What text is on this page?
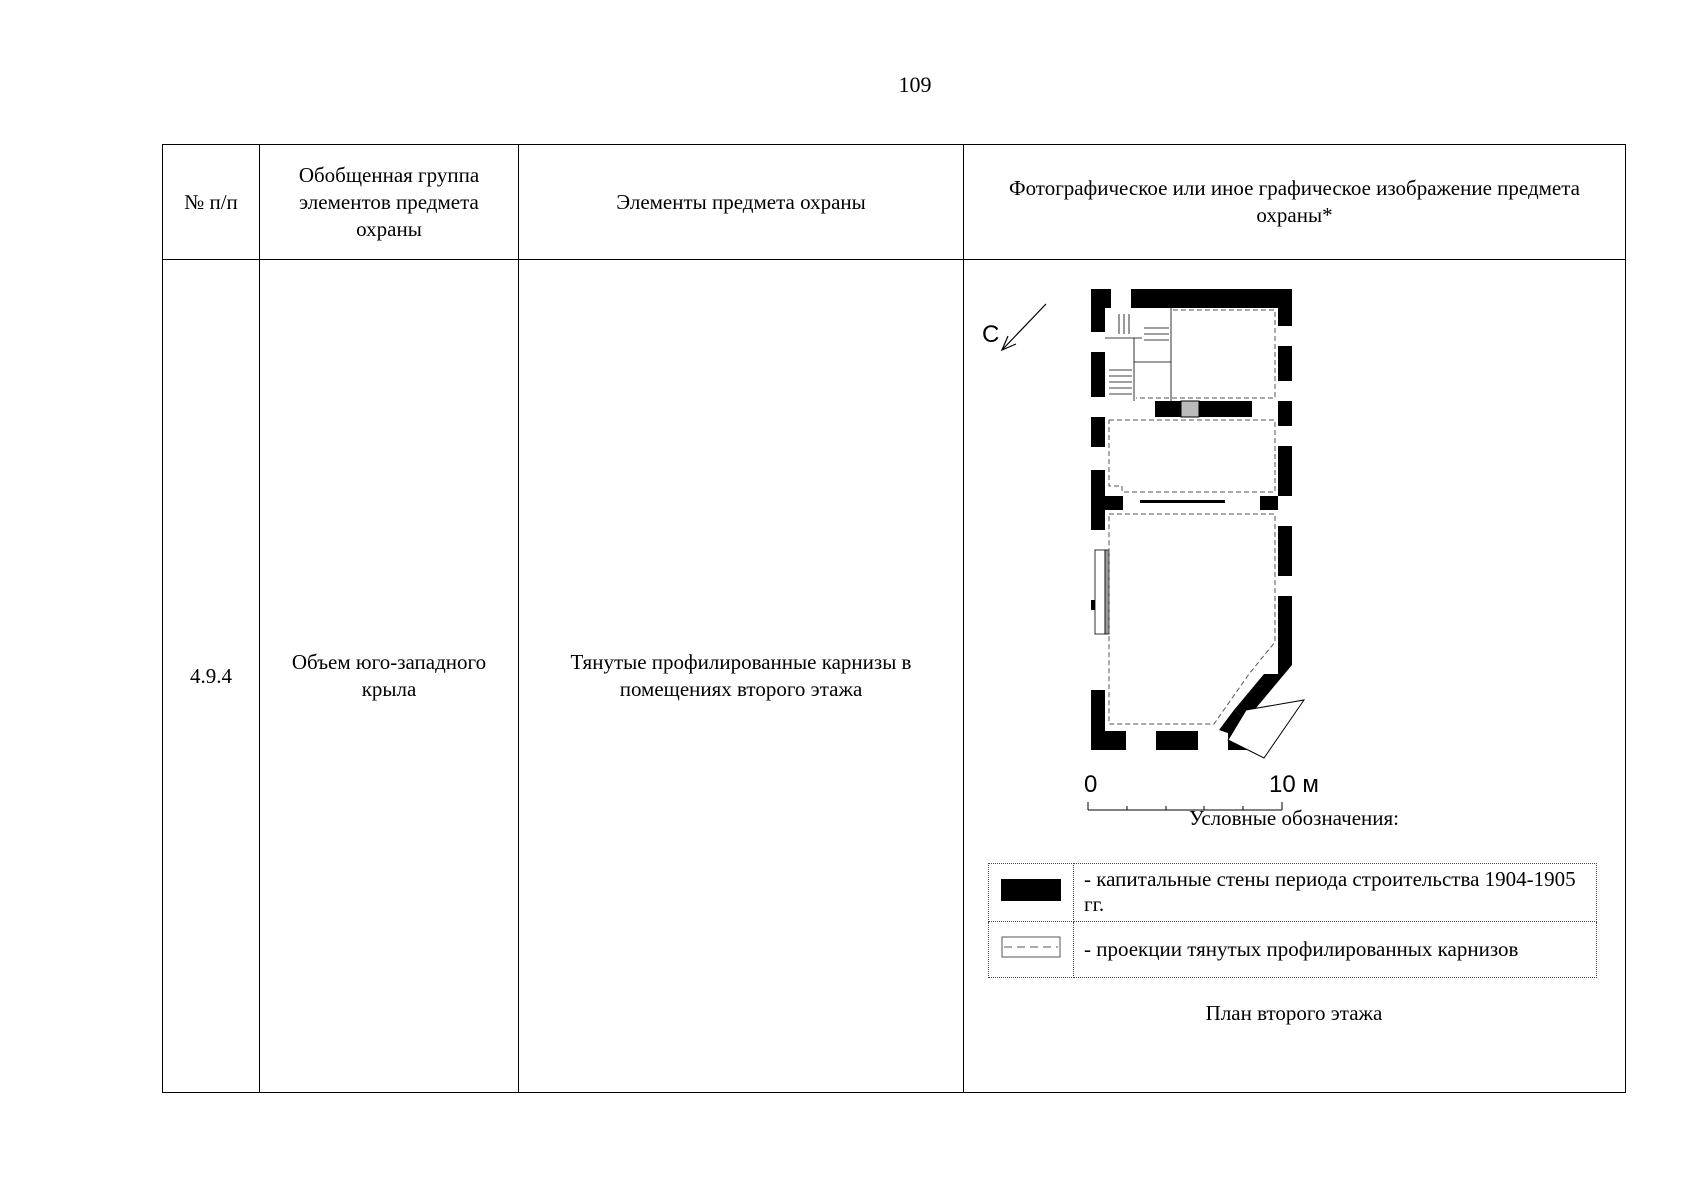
109
№ п/п	Обобщенная группа элементов предмета охраны	Элементы предмета охраны	Фотографическое или иное графическое изображение предмета охраны*
4.9.4	Объем юго-западного крыла	Тянутые профилированные карнизы в помещениях второго этажа	
С
0	10 м
Условные обозначения:
	- капитальные стены периода строительства 1904-1905 гг.
	- проекции тянутых профилированных карнизов
План второго этажа
